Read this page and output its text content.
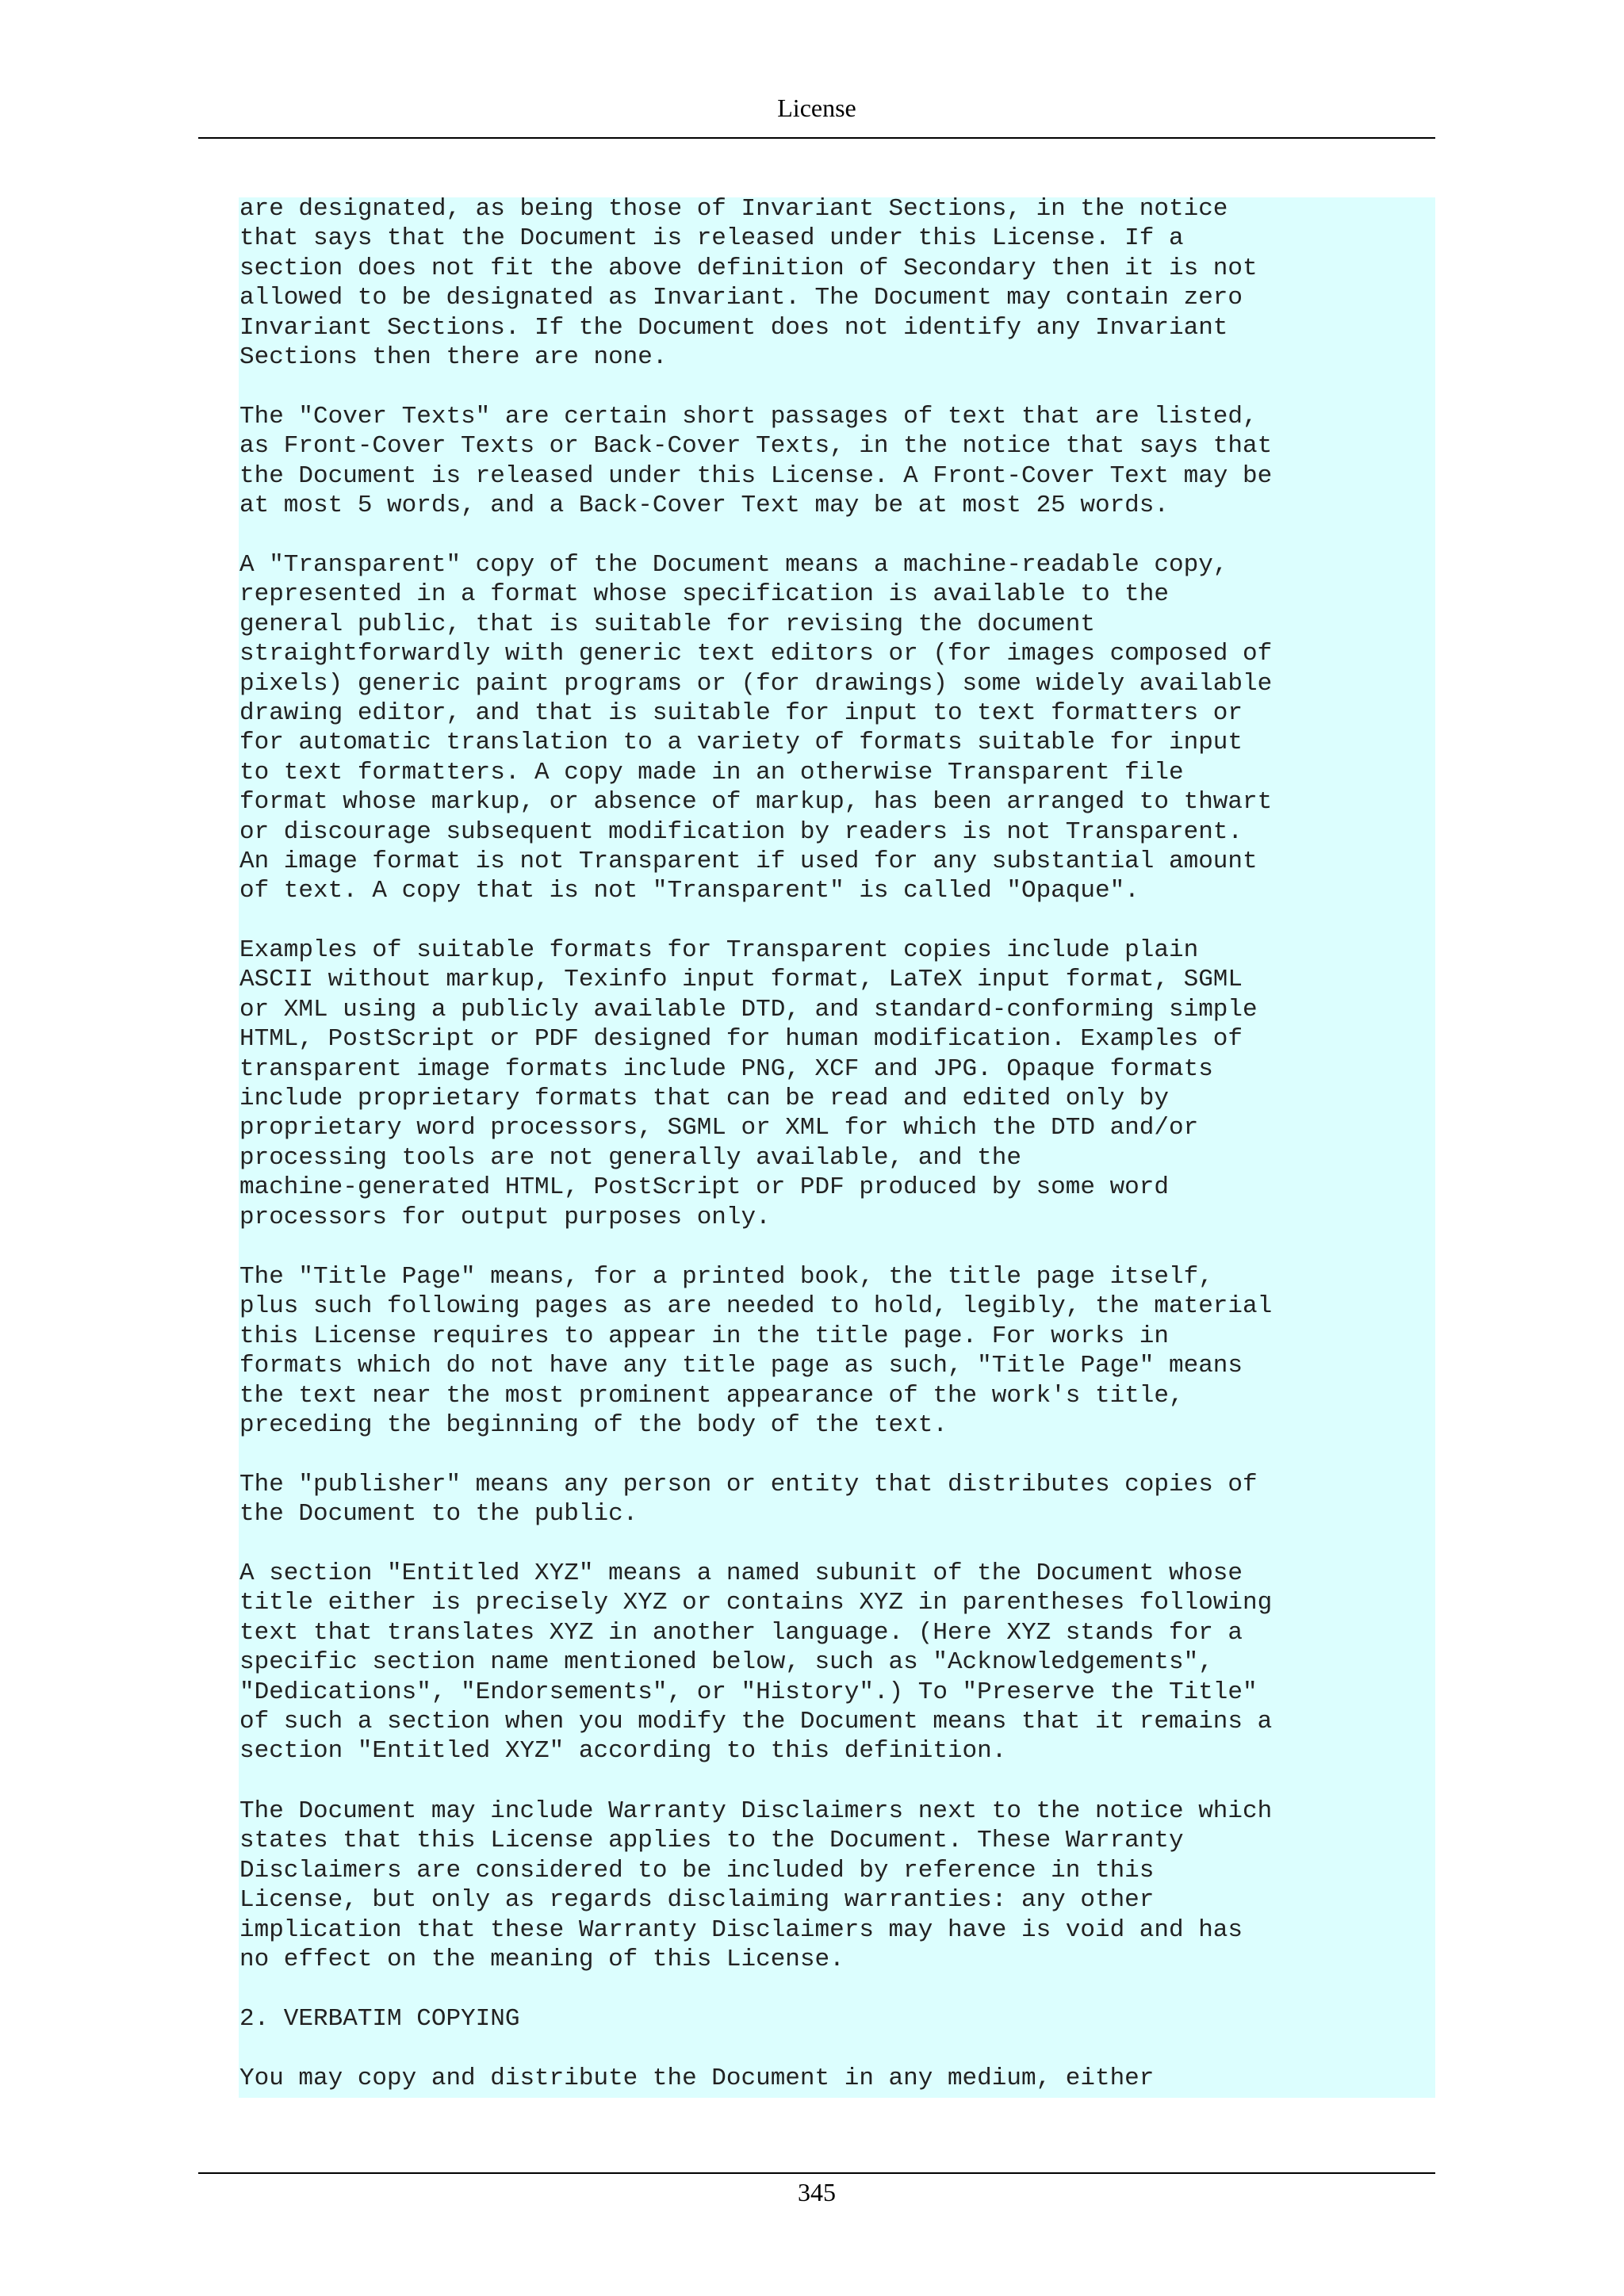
License
are designated, as being those of Invariant Sections, in the notice
that says that the Document is released under this License. If a
section does not fit the above definition of Secondary then it is not
allowed to be designated as Invariant. The Document may contain zero
Invariant Sections. If the Document does not identify any Invariant
Sections then there are none.
The "Cover Texts" are certain short passages of text that are listed,
as Front-Cover Texts or Back-Cover Texts, in the notice that says that
the Document is released under this License. A Front-Cover Text may be
at most 5 words, and a Back-Cover Text may be at most 25 words.
A "Transparent" copy of the Document means a machine-readable copy,
represented in a format whose specification is available to the
general public, that is suitable for revising the document
straightforwardly with generic text editors or (for images composed of
pixels) generic paint programs or (for drawings) some widely available
drawing editor, and that is suitable for input to text formatters or
for automatic translation to a variety of formats suitable for input
to text formatters. A copy made in an otherwise Transparent file
format whose markup, or absence of markup, has been arranged to thwart
or discourage subsequent modification by readers is not Transparent.
An image format is not Transparent if used for any substantial amount
of text. A copy that is not "Transparent" is called "Opaque".
Examples of suitable formats for Transparent copies include plain
ASCII without markup, Texinfo input format, LaTeX input format, SGML
or XML using a publicly available DTD, and standard-conforming simple
HTML, PostScript or PDF designed for human modification. Examples of
transparent image formats include PNG, XCF and JPG. Opaque formats
include proprietary formats that can be read and edited only by
proprietary word processors, SGML or XML for which the DTD and/or
processing tools are not generally available, and the
machine-generated HTML, PostScript or PDF produced by some word
processors for output purposes only.
The "Title Page" means, for a printed book, the title page itself,
plus such following pages as are needed to hold, legibly, the material
this License requires to appear in the title page. For works in
formats which do not have any title page as such, "Title Page" means
the text near the most prominent appearance of the work's title,
preceding the beginning of the body of the text.
The "publisher" means any person or entity that distributes copies of
the Document to the public.
A section "Entitled XYZ" means a named subunit of the Document whose
title either is precisely XYZ or contains XYZ in parentheses following
text that translates XYZ in another language. (Here XYZ stands for a
specific section name mentioned below, such as "Acknowledgements",
"Dedications", "Endorsements", or "History".) To "Preserve the Title"
of such a section when you modify the Document means that it remains a
section "Entitled XYZ" according to this definition.
The Document may include Warranty Disclaimers next to the notice which
states that this License applies to the Document. These Warranty
Disclaimers are considered to be included by reference in this
License, but only as regards disclaiming warranties: any other
implication that these Warranty Disclaimers may have is void and has
no effect on the meaning of this License.
2. VERBATIM COPYING
You may copy and distribute the Document in any medium, either
345
